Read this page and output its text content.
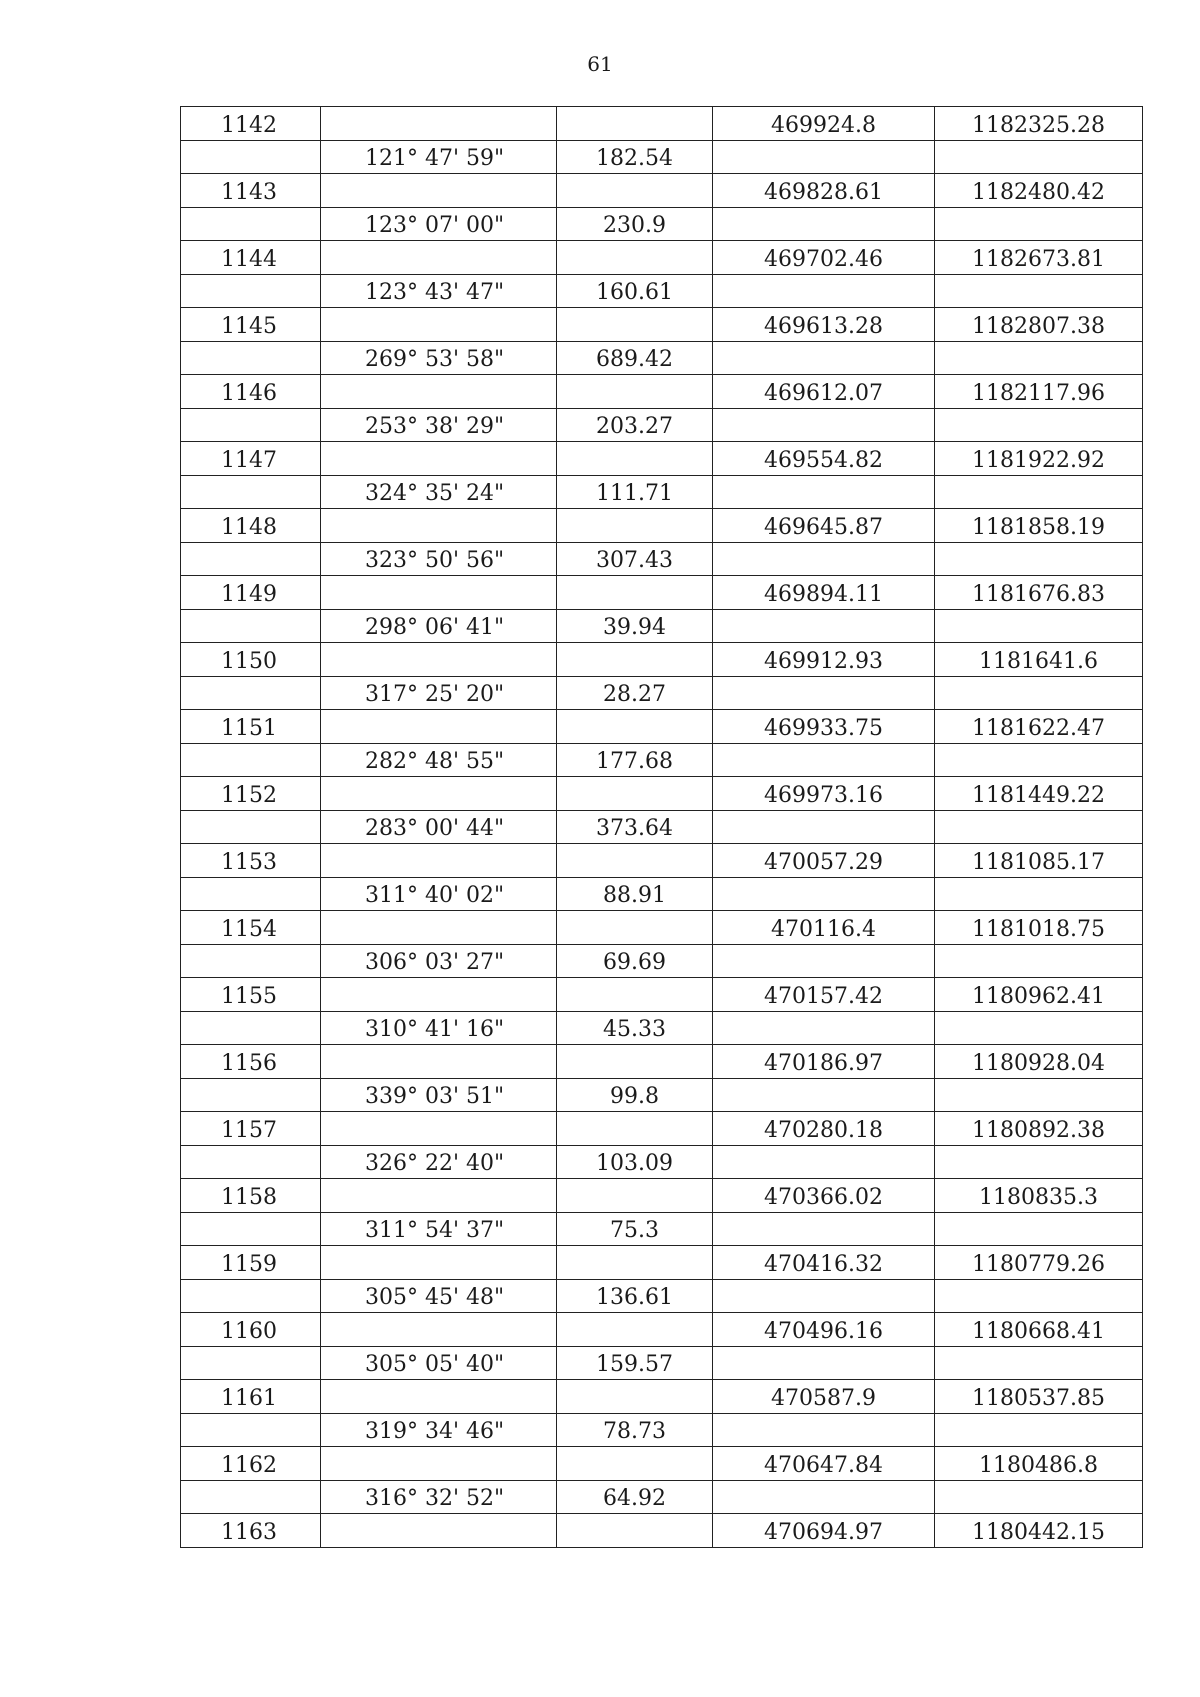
61
1142			469924.8	1182325.28
	121° 47' 59"	182.54		
1143			469828.61	1182480.42
	123° 07' 00"	230.9		
1144			469702.46	1182673.81
	123° 43' 47"	160.61		
1145			469613.28	1182807.38
	269° 53' 58"	689.42		
1146			469612.07	1182117.96
	253° 38' 29"	203.27		
1147			469554.82	1181922.92
	324° 35' 24"	111.71		
1148			469645.87	1181858.19
	323° 50' 56"	307.43		
1149			469894.11	1181676.83
	298° 06' 41"	39.94		
1150			469912.93	1181641.6
	317° 25' 20"	28.27		
1151			469933.75	1181622.47
	282° 48' 55"	177.68		
1152			469973.16	1181449.22
	283° 00' 44"	373.64		
1153			470057.29	1181085.17
	311° 40' 02"	88.91		
1154			470116.4	1181018.75
	306° 03' 27"	69.69		
1155			470157.42	1180962.41
	310° 41' 16"	45.33		
1156			470186.97	1180928.04
	339° 03' 51"	99.8		
1157			470280.18	1180892.38
	326° 22' 40"	103.09		
1158			470366.02	1180835.3
	311° 54' 37"	75.3		
1159			470416.32	1180779.26
	305° 45' 48"	136.61		
1160			470496.16	1180668.41
	305° 05' 40"	159.57		
1161			470587.9	1180537.85
	319° 34' 46"	78.73		
1162			470647.84	1180486.8
	316° 32' 52"	64.92		
1163			470694.97	1180442.15
